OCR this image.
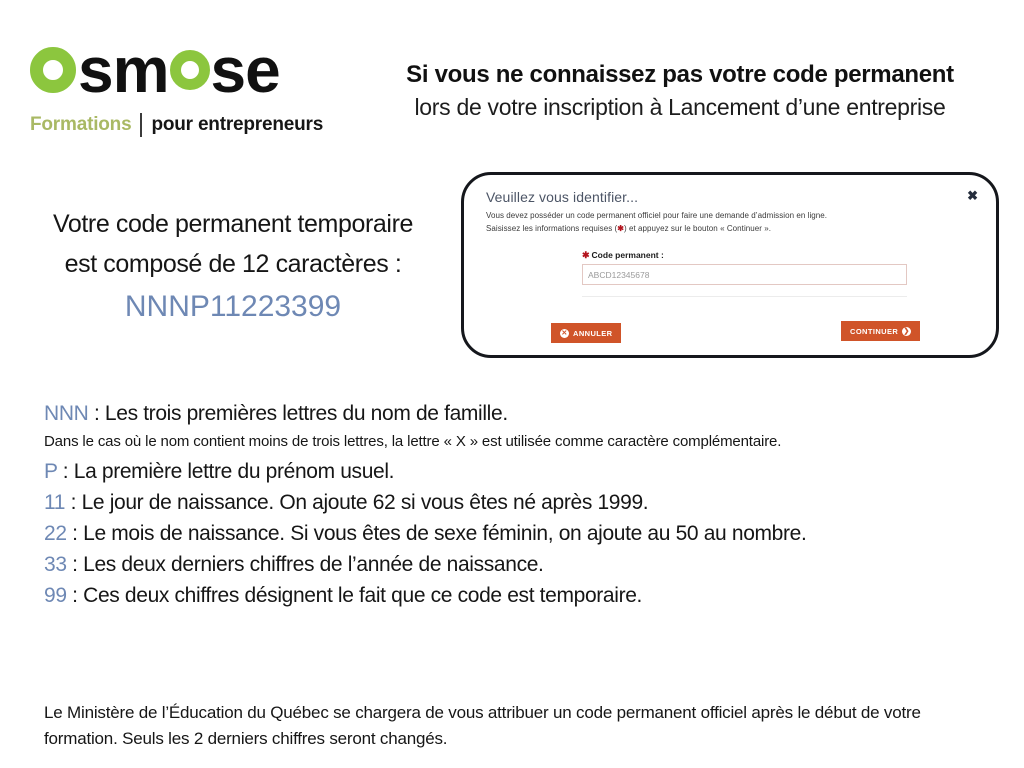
sm se
Formations pour entrepreneurs
Si vous ne connaissez pas votre code permanent
lors de votre inscription à Lancement d’une entreprise
Votre code permanent temporaire
est composé de 12 caractères :
NNNP11223399
Veuillez vous identifier...	✖
Vous devez posséder un code permanent officiel pour faire une demande d’admission en ligne.
Saisissez les informations requises (✱) et appuyez sur le bouton « Continuer ».
✱ Code permanent :
ABCD12345678
✕ ANNULER	CONTINUER ❯
NNN : Les trois premières lettres du nom de famille.
Dans le cas où le nom contient moins de trois lettres, la lettre « X » est utilisée comme caractère complémentaire.
P : La première lettre du prénom usuel.
11 : Le jour de naissance. On ajoute 62 si vous êtes né après 1999.
22 : Le mois de naissance. Si vous êtes de sexe féminin, on ajoute au 50 au nombre.
33 : Les deux derniers chiffres de l’année de naissance.
99 : Ces deux chiffres désignent le fait que ce code est temporaire.
Le Ministère de l’Éducation du Québec se chargera de vous attribuer un code permanent officiel après le début de votre formation. Seuls les 2 derniers chiffres seront changés.
